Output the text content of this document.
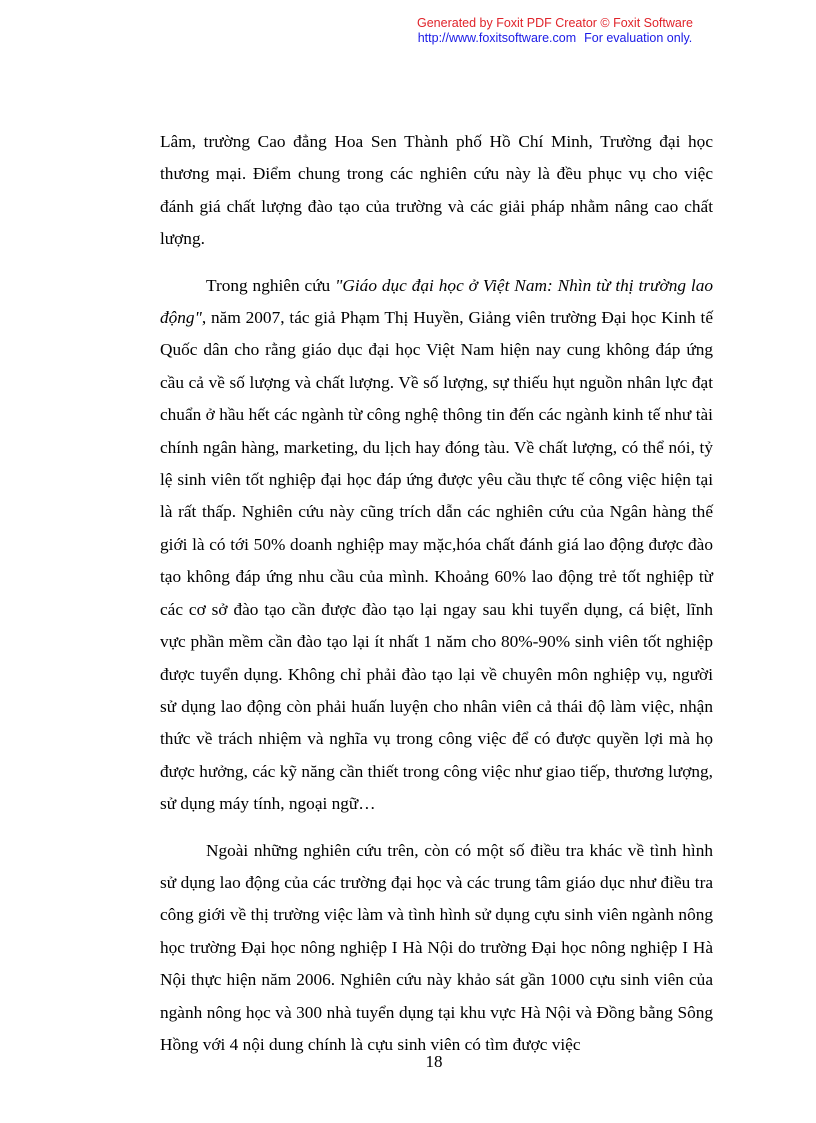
Generated by Foxit PDF Creator © Foxit Software
http://www.foxitsoftware.com For evaluation only.

Lâm, trường Cao đẳng Hoa Sen Thành phố Hồ Chí Minh, Trường đại học thương mại. Điểm chung trong các nghiên cứu này là đều phục vụ cho việc đánh giá chất lượng đào tạo của trường và các giải pháp nhằm nâng cao chất lượng.

Trong nghiên cứu "Giáo dục đại học ở Việt Nam: Nhìn từ thị trường lao động", năm 2007, tác giả Phạm Thị Huyền, Giảng viên trường Đại học Kinh tế Quốc dân cho rằng giáo dục đại học Việt Nam hiện nay cung không đáp ứng cầu cả về số lượng và chất lượng. Về số lượng, sự thiếu hụt nguồn nhân lực đạt chuẩn ở hầu hết các ngành từ công nghệ thông tin đến các ngành kinh tế như tài chính ngân hàng, marketing, du lịch hay đóng tàu. Về chất lượng, có thể nói, tỷ lệ sinh viên tốt nghiệp đại học đáp ứng được yêu cầu thực tế công việc hiện tại là rất thấp. Nghiên cứu này cũng trích dẫn các nghiên cứu của Ngân hàng thế giới là có tới 50% doanh nghiệp may mặc,hóa chất đánh giá lao động được đào tạo không đáp ứng nhu cầu của mình. Khoảng 60% lao động trẻ tốt nghiệp từ các cơ sở đào tạo cần được đào tạo lại ngay sau khi tuyển dụng, cá biệt, lĩnh vực phần mềm cần đào tạo lại ít nhất 1 năm cho 80%-90% sinh viên tốt nghiệp được tuyển dụng. Không chỉ phải đào tạo lại về chuyên môn nghiệp vụ, người sử dụng lao động còn phải huấn luyện cho nhân viên cả thái độ làm việc, nhận thức về trách nhiệm và nghĩa vụ trong công việc để có được quyền lợi mà họ được hưởng, các kỹ năng cần thiết trong công việc như giao tiếp, thương lượng, sử dụng máy tính, ngoại ngữ…

Ngoài những nghiên cứu trên, còn có một số điều tra khác về tình hình sử dụng lao động của các trường đại học và các trung tâm giáo dục như điều tra công giới về thị trường việc làm và tình hình sử dụng cựu sinh viên ngành nông học trường Đại học nông nghiệp I Hà Nội do trường Đại học nông nghiệp I Hà Nội thực hiện năm 2006. Nghiên cứu này khảo sát gần 1000 cựu sinh viên của ngành nông học và 300 nhà tuyển dụng tại khu vực Hà Nội và Đồng bằng Sông Hồng với 4 nội dung chính là cựu sinh viên có tìm được việc

18
